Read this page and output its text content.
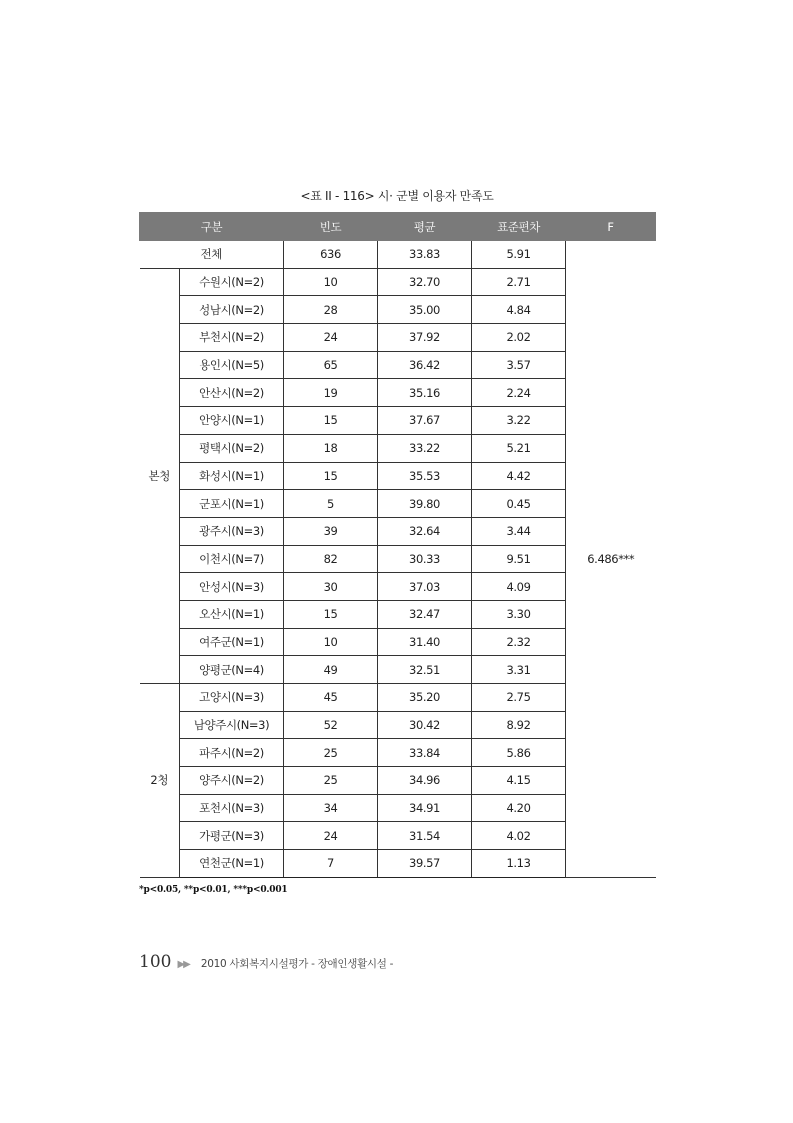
<표 II - 116> 시· 군별 이용자 만족도
구분		빈도	평균	표준편차	F
전체		636	33.83	5.91	6.486***
본청	수원시(N=2)	10	32.70	2.71	
	성남시(N=2)	28	35.00	4.84	
	부천시(N=2)	24	37.92	2.02	
	용인시(N=5)	65	36.42	3.57	
	안산시(N=2)	19	35.16	2.24	
	안양시(N=1)	15	37.67	3.22	
	평택시(N=2)	18	33.22	5.21	
	화성시(N=1)	15	35.53	4.42	
	군포시(N=1)	5	39.80	0.45	
	광주시(N=3)	39	32.64	3.44	
	이천시(N=7)	82	30.33	9.51	
	안성시(N=3)	30	37.03	4.09	
	오산시(N=1)	15	32.47	3.30	
	여주군(N=1)	10	31.40	2.32	
	양평군(N=4)	49	32.51	3.31	
2청	고양시(N=3)	45	35.20	2.75	
	남양주시(N=3)	52	30.42	8.92	
	파주시(N=2)	25	33.84	5.86	
	양주시(N=2)	25	34.96	4.15	
	포천시(N=3)	34	34.91	4.20	
	가평군(N=3)	24	31.54	4.02	
	연천군(N=1)	7	39.57	1.13	
*p<0.05, **p<0.01, ***p<0.001
100 ▶▶ 2010 사회복지시설평가 - 장애인생활시설 -
